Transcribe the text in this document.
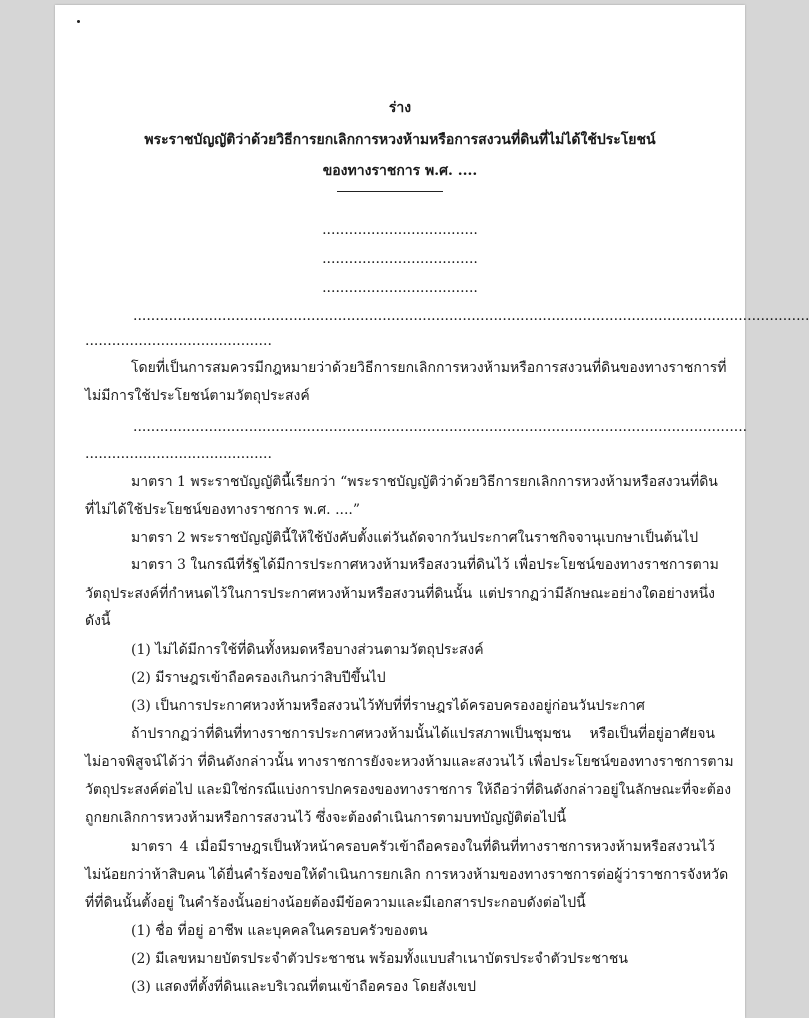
ร่าง
พระราชบัญญัติว่าด้วยวิธีการยกเลิกการหวงห้ามหรือการสงวนที่ดินที่ไม่ได้ใช้ประโยชน์
ของทางราชการ พ.ศ. ....
...................................
...................................
...................................
........................................................................................................................................................
..........................................
โดยที่เป็นการสมควรมีกฎหมายว่าด้วยวิธีการยกเลิกการหวงห้ามหรือการสงวนที่ดินของทางราชการที่
ไม่มีการใช้ประโยชน์ตามวัตถุประสงค์
..........................................................................................................................................
..........................................
มาตรา 1 พระราชบัญญัตินี้เรียกว่า “พระราชบัญญัติว่าด้วยวิธีการยกเลิกการหวงห้ามหรือสงวนที่ดิน
ที่ไม่ได้ใช้ประโยชน์ของทางราชการ พ.ศ. ....”
มาตรา 2 พระราชบัญญัตินี้ให้ใช้บังคับตั้งแต่วันถัดจากวันประกาศในราชกิจจานุเบกษาเป็นต้นไป
มาตรา 3 ในกรณีที่รัฐได้มีการประกาศหวงห้ามหรือสงวนที่ดินไว้ เพื่อประโยชน์ของทางราชการตาม
วัตถุประสงค์ที่กำหนดไว้ในการประกาศหวงห้ามหรือสงวนที่ดินนั้น แต่ปรากฏว่ามีลักษณะอย่างใดอย่างหนึ่ง
ดังนี้
(1) ไม่ได้มีการใช้ที่ดินทั้งหมดหรือบางส่วนตามวัตถุประสงค์
(2) มีราษฎรเข้าถือครองเกินกว่าสิบปีขึ้นไป
(3) เป็นการประกาศหวงห้ามหรือสงวนไว้ทับที่ที่ราษฎรได้ครอบครองอยู่ก่อนวันประกาศ
ถ้าปรากฏว่าที่ดินที่ทางราชการประกาศหวงห้ามนั้นได้แปรสภาพเป็นชุมชน หรือเป็นที่อยู่อาศัยจน
ไม่อาจพิสูจน์ได้ว่า ที่ดินดังกล่าวนั้น ทางราชการยังจะหวงห้ามและสงวนไว้ เพื่อประโยชน์ของทางราชการตาม
วัตถุประสงค์ต่อไป และมิใช่กรณีแบ่งการปกครองของทางราชการ ให้ถือว่าที่ดินดังกล่าวอยู่ในลักษณะที่จะต้อง
ถูกยกเลิกการหวงห้ามหรือการสงวนไว้ ซึ่งจะต้องดำเนินการตามบทบัญญัติต่อไปนี้
มาตรา 4 เมื่อมีราษฎรเป็นหัวหน้าครอบครัวเข้าถือครองในที่ดินที่ทางราชการหวงห้ามหรือสงวนไว้
ไม่น้อยกว่าห้าสิบคน ได้ยื่นคำร้องขอให้ดำเนินการยกเลิก การหวงห้ามของทางราชการต่อผู้ว่าราชการจังหวัด
ที่ที่ดินนั้นตั้งอยู่ ในคำร้องนั้นอย่างน้อยต้องมีข้อความและมีเอกสารประกอบดังต่อไปนี้
(1) ชื่อ ที่อยู่ อาชีพ และบุคคลในครอบครัวของตน
(2) มีเลขหมายบัตรประจำตัวประชาชน พร้อมทั้งแบบสำเนาบัตรประจำตัวประชาชน
(3) แสดงที่ตั้งที่ดินและบริเวณที่ตนเข้าถือครอง โดยสังเขป
